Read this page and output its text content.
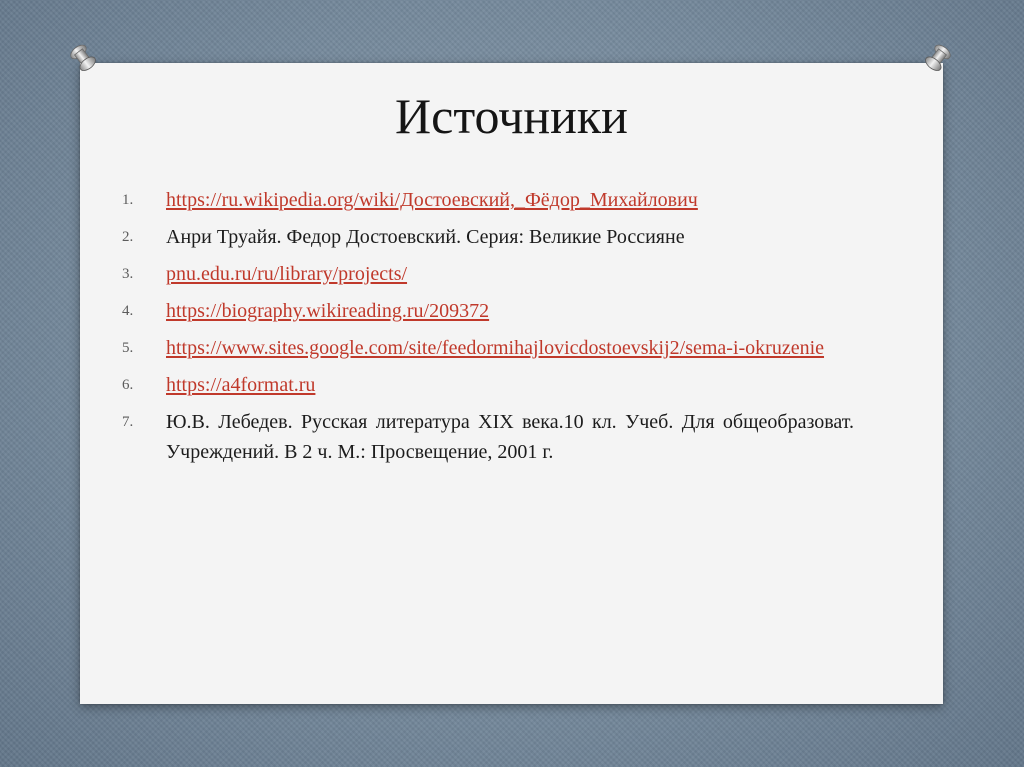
Источники
1.	https://ru.wikipedia.org/wiki/Достоевский,_Фёдор_Михайлович
2.	Анри Труайя. Федор Достоевский. Серия: Великие Россияне
3.	pnu.edu.ru/ru/library/projects/
4.	https://biography.wikireading.ru/209372
5.	https://www.sites.google.com/site/feedormihajlovicdostoevskij2/sema-i-okruzenie
6.	https://a4format.ru
7.	Ю.В. Лебедев. Русская литература XIX века.10 кл. Учеб. Для общеобразоват. Учреждений. В 2 ч. М.: Просвещение, 2001 г.
